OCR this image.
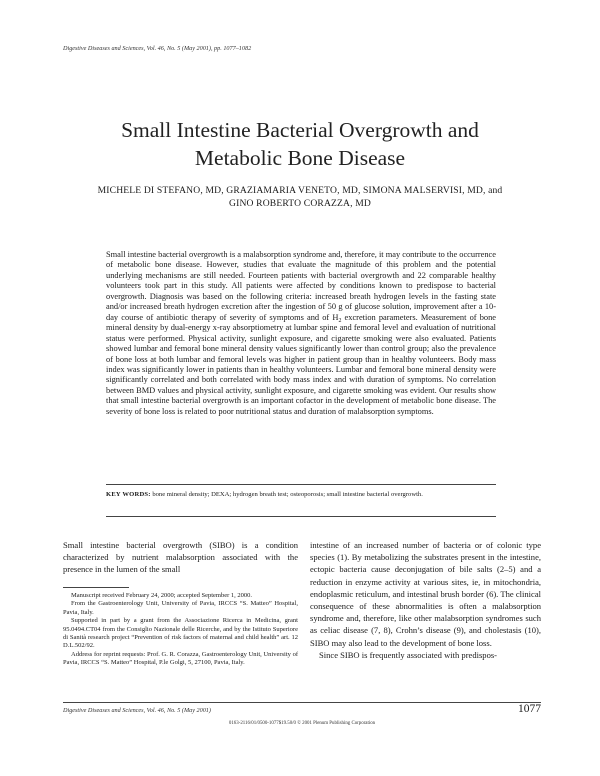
Digestive Diseases and Sciences, Vol. 46, No. 5 (May 2001), pp. 1077–1082
Small Intestine Bacterial Overgrowth and
Metabolic Bone Disease
MICHELE DI STEFANO, MD, GRAZIAMARIA VENETO, MD, SIMONA MALSERVISI, MD, and
GINO ROBERTO CORAZZA, MD
Small intestine bacterial overgrowth is a malabsorption syndrome and, therefore, it may contribute to the occurrence of metabolic bone disease. However, studies that evaluate the magnitude of this problem and the potential underlying mechanisms are still needed. Fourteen patients with bacterial overgrowth and 22 comparable healthy volunteers took part in this study. All patients were affected by conditions known to predispose to bacterial overgrowth. Diagnosis was based on the following criteria: increased breath hydrogen levels in the fasting state and/or increased breath hydrogen excretion after the ingestion of 50 g of glucose solution, improvement after a 10-day course of antibiotic therapy of severity of symptoms and of $H_2$ excretion parameters. Measurement of bone mineral density by dual-energy x-ray absorptiometry at lumbar spine and femoral level and evaluation of nutritional status were performed. Physical activity, sunlight exposure, and cigarette smoking were also evaluated. Patients showed lumbar and femoral bone mineral density values significantly lower than control group; also the prevalence of bone loss at both lumbar and femoral levels was higher in patient group than in healthy volunteers. Body mass index was significantly lower in patients than in healthy volunteers. Lumbar and femoral bone mineral density were significantly correlated and both correlated with body mass index and with duration of symptoms. No correlation between BMD values and physical activity, sunlight exposure, and cigarette smoking was evident. Our results show that small intestine bacterial overgrowth is an important cofactor in the development of metabolic bone disease. The severity of bone loss is related to poor nutritional status and duration of malabsorption symptoms.
KEY WORDS: bone mineral density; DEXA; hydrogen breath test; osteoporosis; small intestine bacterial overgrowth.
Small intestine bacterial overgrowth (SIBO) is a condition characterized by nutrient malabsorption associated with the presence in the lumen of the small

intestine of an increased number of bacteria or of colonic type species (1). By metabolizing the substrates present in the intestine, ectopic bacteria cause deconjugation of bile salts (2–5) and a reduction in enzyme activity at various sites, ie, in mitochondria, endoplasmic reticulum, and intestinal brush border (6). The clinical consequence of these abnormalities is often a malabsorption syndrome and, therefore, like other malabsorption syndromes such as celiac disease (7, 8), Crohn’s disease (9), and cholestasis (10), SIBO may also lead to the development of bone loss.

Since SIBO is frequently associated with predispos-

Manuscript received February 24, 2000; accepted September 1, 2000.

From the Gastroenterology Unit, University of Pavia, IRCCS “S. Matteo” Hospital, Pavia, Italy.

Supported in part by a grant from the Associazione Ricerca in Medicina, grant 95.0494.CT04 from the Consiglio Nazionale delle Ricerche, and by the Istituto Superiore di Sanità research project “Prevention of risk factors of maternal and child health” art. 12 D.L.502/92.

Address for reprint requests: Prof. G. R. Corazza, Gastroenterology Unit, University of Pavia, IRCCS “S. Matteo” Hospital, P.le Golgi, 5, 27100, Pavia, Italy.

Digestive Diseases and Sciences, Vol. 46, No. 5 (May 2001)	1077
0163-2116/01/0500-1077$19.50/0 © 2001 Plenum Publishing Corporation
